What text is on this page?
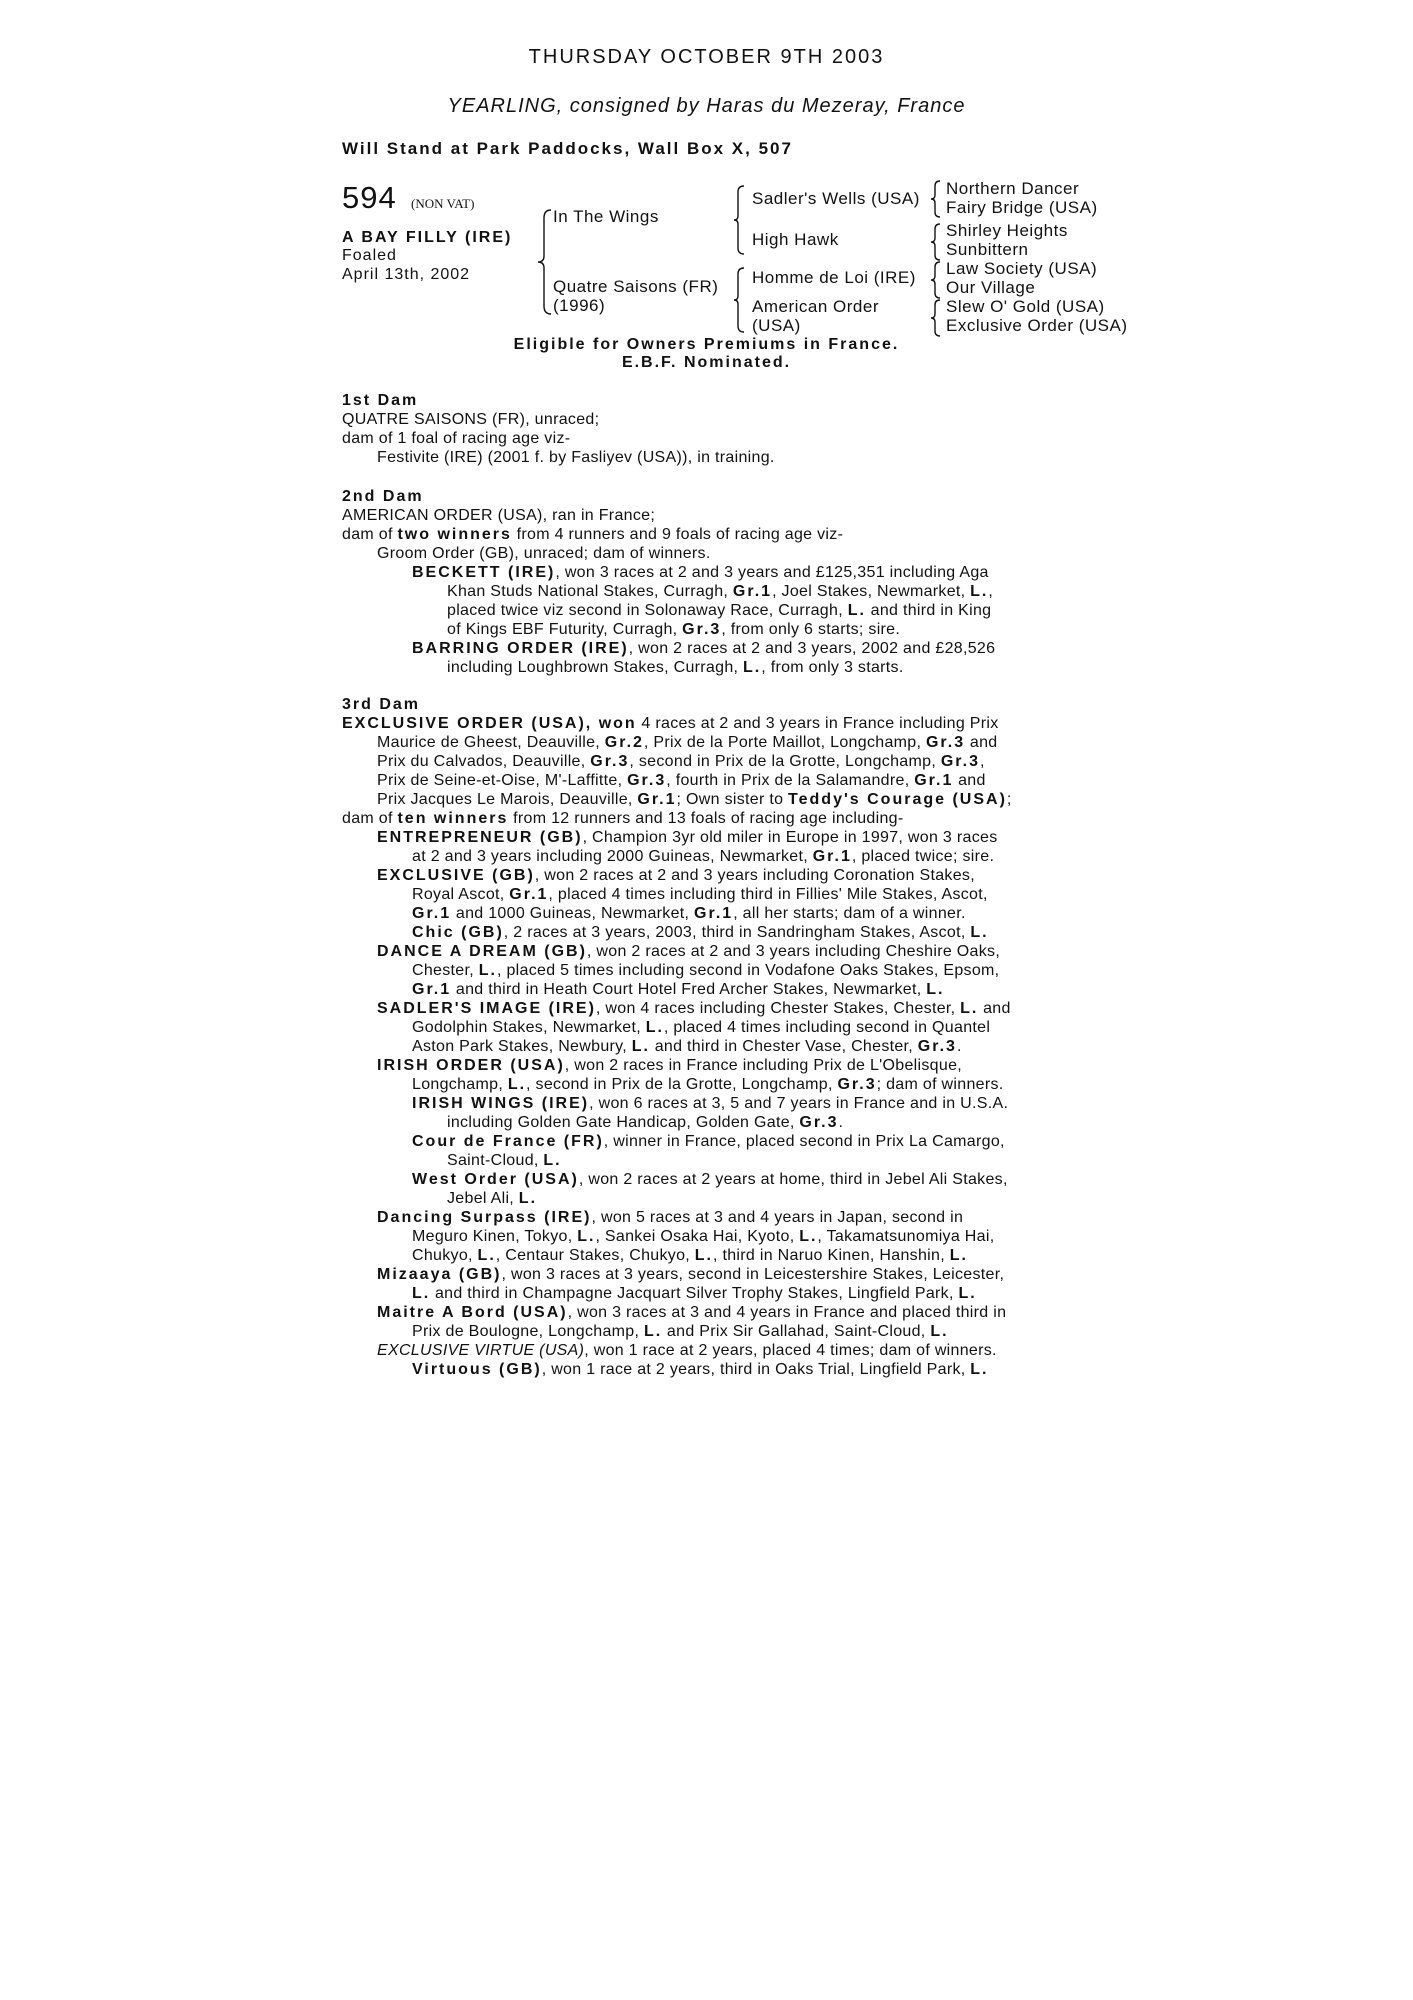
THURSDAY OCTOBER 9TH 2003
YEARLING, consigned by Haras du Mezeray, France
Will Stand at Park Paddocks, Wall Box X, 507
594 (NON VAT)
A BAY FILLY (IRE)
Foaled
April 13th, 2002
In The Wings
Quatre Saisons (FR)
(1996)
Sadler's Wells (USA)
High Hawk
Homme de Loi (IRE)
American Order
(USA)
Northern Dancer
Fairy Bridge (USA)
Shirley Heights
Sunbittern
Law Society (USA)
Our Village
Slew O' Gold (USA)
Exclusive Order (USA)
Eligible for Owners Premiums in France.
E.B.F. Nominated.
1st Dam
QUATRE SAISONS (FR), unraced;
dam of 1 foal of racing age viz-
Festivite (IRE) (2001 f. by Fasliyev (USA)), in training.
2nd Dam
AMERICAN ORDER (USA), ran in France;
dam of two winners from 4 runners and 9 foals of racing age viz-
Groom Order (GB), unraced; dam of winners.
BECKETT (IRE), won 3 races at 2 and 3 years and £125,351 including Aga
Khan Studs National Stakes, Curragh, Gr.1, Joel Stakes, Newmarket, L.,
placed twice viz second in Solonaway Race, Curragh, L. and third in King
of Kings EBF Futurity, Curragh, Gr.3, from only 6 starts; sire.
BARRING ORDER (IRE), won 2 races at 2 and 3 years, 2002 and £28,526
including Loughbrown Stakes, Curragh, L., from only 3 starts.
3rd Dam
EXCLUSIVE ORDER (USA), won 4 races at 2 and 3 years in France including Prix
Maurice de Gheest, Deauville, Gr.2, Prix de la Porte Maillot, Longchamp, Gr.3 and
Prix du Calvados, Deauville, Gr.3, second in Prix de la Grotte, Longchamp, Gr.3,
Prix de Seine-et-Oise, M'-Laffitte, Gr.3, fourth in Prix de la Salamandre, Gr.1 and
Prix Jacques Le Marois, Deauville, Gr.1; Own sister to Teddy's Courage (USA);
dam of ten winners from 12 runners and 13 foals of racing age including-
ENTREPRENEUR (GB), Champion 3yr old miler in Europe in 1997, won 3 races
at 2 and 3 years including 2000 Guineas, Newmarket, Gr.1, placed twice; sire.
EXCLUSIVE (GB), won 2 races at 2 and 3 years including Coronation Stakes,
Royal Ascot, Gr.1, placed 4 times including third in Fillies' Mile Stakes, Ascot,
Gr.1 and 1000 Guineas, Newmarket, Gr.1, all her starts; dam of a winner.
Chic (GB), 2 races at 3 years, 2003, third in Sandringham Stakes, Ascot, L.
DANCE A DREAM (GB), won 2 races at 2 and 3 years including Cheshire Oaks,
Chester, L., placed 5 times including second in Vodafone Oaks Stakes, Epsom,
Gr.1 and third in Heath Court Hotel Fred Archer Stakes, Newmarket, L.
SADLER'S IMAGE (IRE), won 4 races including Chester Stakes, Chester, L. and
Godolphin Stakes, Newmarket, L., placed 4 times including second in Quantel
Aston Park Stakes, Newbury, L. and third in Chester Vase, Chester, Gr.3.
IRISH ORDER (USA), won 2 races in France including Prix de L'Obelisque,
Longchamp, L., second in Prix de la Grotte, Longchamp, Gr.3; dam of winners.
IRISH WINGS (IRE), won 6 races at 3, 5 and 7 years in France and in U.S.A.
including Golden Gate Handicap, Golden Gate, Gr.3.
Cour de France (FR), winner in France, placed second in Prix La Camargo,
Saint-Cloud, L.
West Order (USA), won 2 races at 2 years at home, third in Jebel Ali Stakes,
Jebel Ali, L.
Dancing Surpass (IRE), won 5 races at 3 and 4 years in Japan, second in
Meguro Kinen, Tokyo, L., Sankei Osaka Hai, Kyoto, L., Takamatsunomiya Hai,
Chukyo, L., Centaur Stakes, Chukyo, L., third in Naruo Kinen, Hanshin, L.
Mizaaya (GB), won 3 races at 3 years, second in Leicestershire Stakes, Leicester,
L. and third in Champagne Jacquart Silver Trophy Stakes, Lingfield Park, L.
Maitre A Bord (USA), won 3 races at 3 and 4 years in France and placed third in
Prix de Boulogne, Longchamp, L. and Prix Sir Gallahad, Saint-Cloud, L.
EXCLUSIVE VIRTUE (USA), won 1 race at 2 years, placed 4 times; dam of winners.
Virtuous (GB), won 1 race at 2 years, third in Oaks Trial, Lingfield Park, L.
